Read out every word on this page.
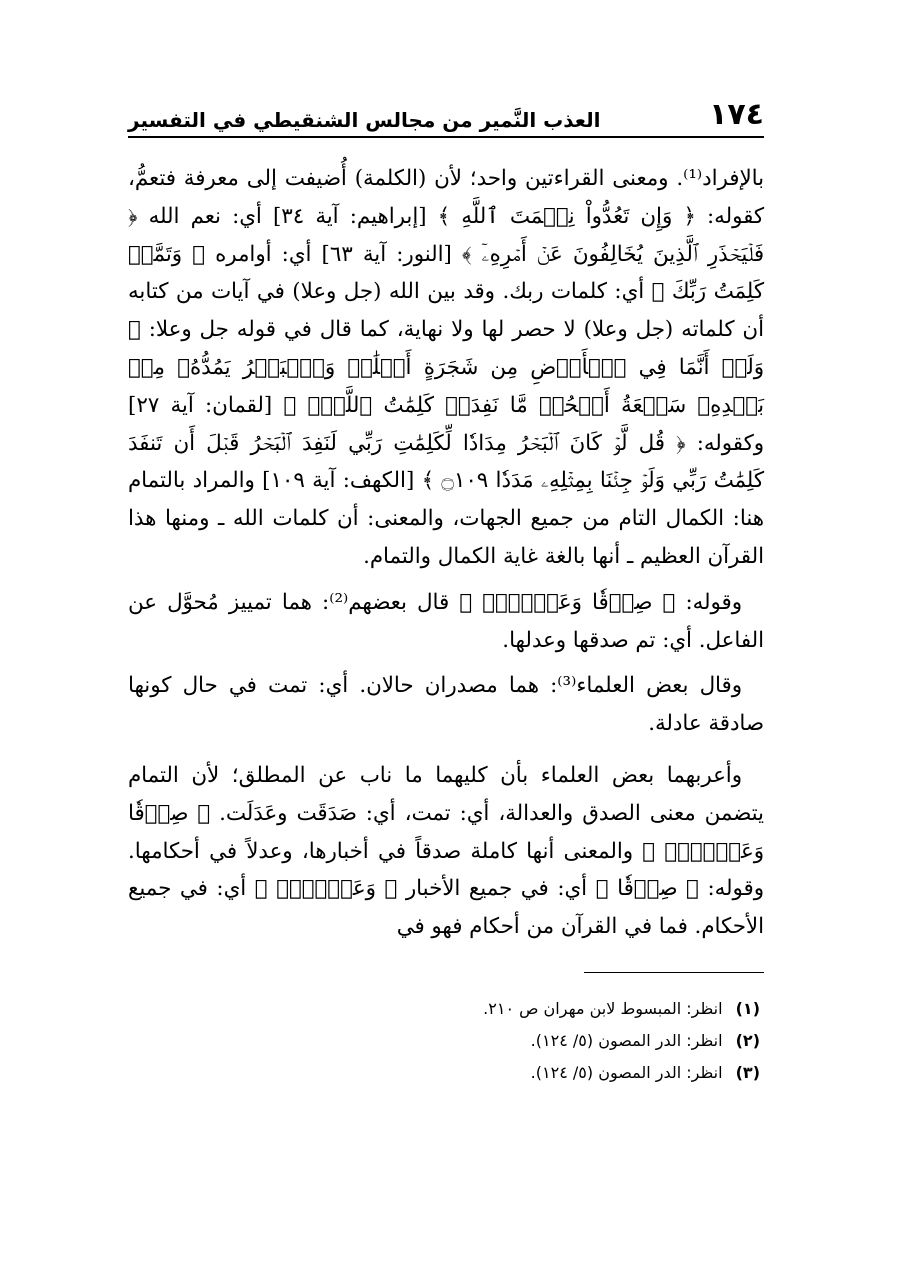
١٧٤
العذب النَّمير من مجالس الشنقيطي في التفسير

بالإفراد⁽¹⁾. ومعنى القراءتين واحد؛ لأن (الكلمة) أُضيفت إلى معرفة فتعمُّ، كقوله: ﴿ وَإِن تَعُدُّواْ نِعۡمَتَ ٱللَّهِ ﴾ [إبراهيم: آية ٣٤] أي: نعم الله ﴿ فَلۡيَحۡذَرِ ٱلَّذِينَ يُخَالِفُونَ عَنۡ أَمۡرِهِۦٓ ﴾ [النور: آية ٦٣] أي: أوامره ﴿ وَتَمَّتۡ كَلِمَتُ رَبِّكَ ﴾ أي: كلمات ربك. وقد بين الله (جل وعلا) في آيات من كتابه أن كلماته (جل وعلا) لا حصر لها ولا نهاية، كما قال في قوله جل وعلا: ﴿ وَلَوۡ أَنَّمَا فِي ٱلۡأَرۡضِ مِن شَجَرَةٍ أَقۡلَٰمٞ وَٱلۡبَحۡرُ يَمُدُّهُۥ مِنۢ بَعۡدِهِۦ سَبۡعَةُ أَبۡحُرٖ مَّا نَفِدَتۡ كَلِمَٰتُ ٱللَّهِۗ ﴾ [لقمان: آية ٢٧] وكقوله: ﴿ قُل لَّوۡ كَانَ ٱلۡبَحۡرُ مِدَادٗا لِّكَلِمَٰتِ رَبِّي لَنَفِدَ ٱلۡبَحۡرُ قَبۡلَ أَن تَنفَدَ كَلِمَٰتُ رَبِّي وَلَوۡ جِئۡنَا بِمِثۡلِهِۦ مَدَدٗا ۝١٠٩ ﴾ [الكهف: آية ١٠٩] والمراد بالتمام هنا: الكمال التام من جميع الجهات، والمعنى: أن كلمات الله ـ ومنها هذا القرآن العظيم ـ أنها بالغة غاية الكمال والتمام.

وقوله: ﴿ صِدۡقٗا وَعَدۡلٗاۚ ﴾ قال بعضهم⁽²⁾: هما تمييز مُحوَّل عن الفاعل. أي: تم صدقها وعدلها.

وقال بعض العلماء⁽³⁾: هما مصدران حالان. أي: تمت في حال كونها صادقة عادلة.

وأعربهما بعض العلماء بأن كليهما ما ناب عن المطلق؛ لأن التمام يتضمن معنى الصدق والعدالة، أي: تمت، أي: صَدَقَت وعَدَلَت. ﴿ صِدۡقٗا وَعَدۡلٗاۚ ﴾ والمعنى أنها كاملة صدقاً في أخبارها، وعدلاً في أحكامها. وقوله: ﴿ صِدۡقٗا ﴾ أي: في جميع الأخبار ﴿ وَعَدۡلٗاۚ ﴾ أي: في جميع الأحكام. فما في القرآن من أحكام فهو في

(١) انظر: المبسوط لابن مهران ص ٢١٠.

(٢) انظر: الدر المصون (٥/ ١٢٤).

(٣) انظر: الدر المصون (٥/ ١٢٤).
